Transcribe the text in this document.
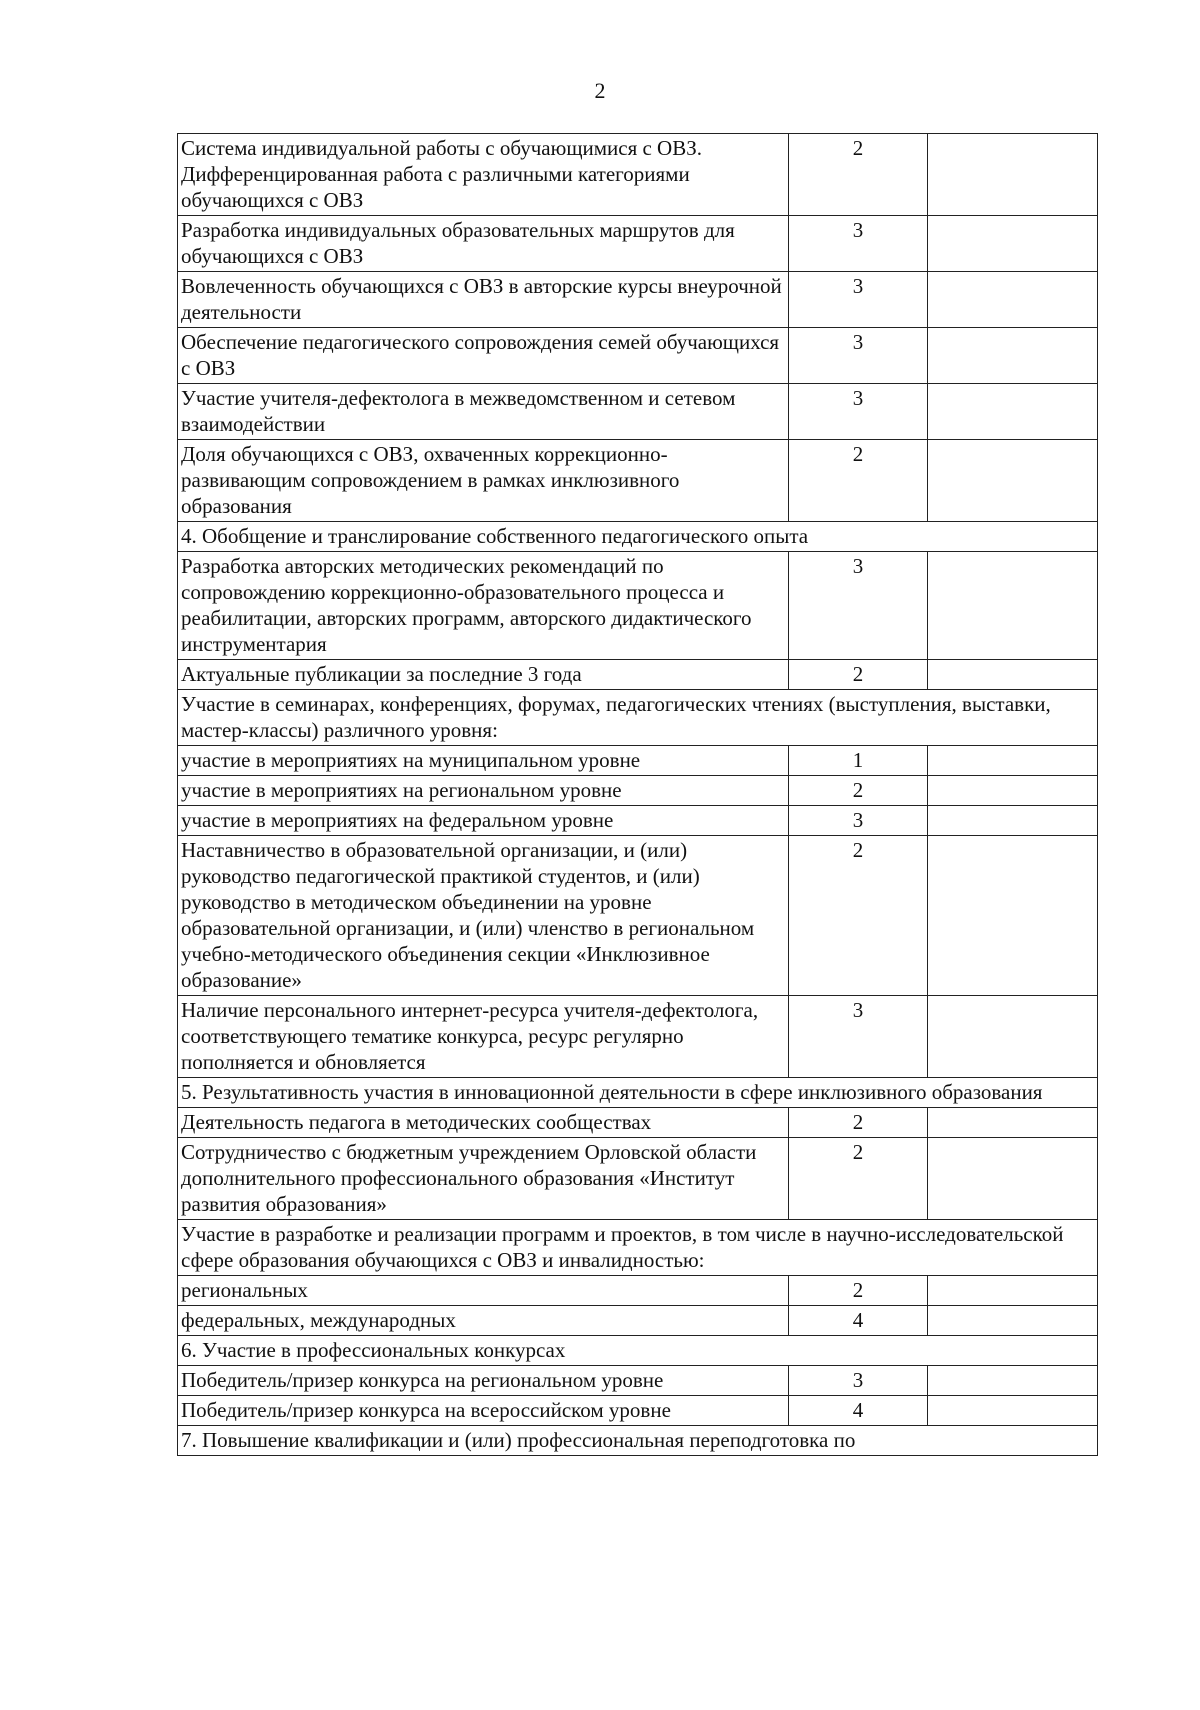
2
Система индивидуальной работы с обучающимися с ОВЗ. Дифференцированная работа с различными категориями обучающихся с ОВЗ	2	
Разработка индивидуальных образовательных маршрутов для обучающихся с ОВЗ	3	
Вовлеченность обучающихся с ОВЗ в авторские курсы внеурочной деятельности	3	
Обеспечение педагогического сопровождения семей обучающихся с ОВЗ	3	
Участие учителя-дефектолога в межведомственном и сетевом взаимодействии	3	
Доля обучающихся с ОВЗ, охваченных коррекционно-развивающим сопровождением в рамках инклюзивного образования	2	
4. Обобщение и транслирование собственного педагогического опыта		
Разработка авторских методических рекомендаций по сопровождению коррекционно-образовательного процесса и реабилитации, авторских программ, авторского дидактического инструментария	3	
Актуальные публикации за последние 3 года	2	
Участие в семинарах, конференциях, форумах, педагогических чтениях (выступления, выставки, мастер-классы) различного уровня:		
участие в мероприятиях на муниципальном уровне	1	
участие в мероприятиях на региональном уровне	2	
участие в мероприятиях на федеральном уровне	3	
Наставничество в образовательной организации, и (или) руководство педагогической практикой студентов, и (или) руководство в методическом объединении на уровне образовательной организации, и (или) членство в региональном учебно-методического объединения секции «Инклюзивное образование»	2	
Наличие персонального интернет-ресурса учителя-дефектолога, соответствующего тематике конкурса, ресурс регулярно пополняется и обновляется	3	
5. Результативность участия в инновационной деятельности в сфере инклюзивного образования		
Деятельность педагога в методических сообществах	2	
Сотрудничество с бюджетным учреждением Орловской области дополнительного профессионального образования «Институт развития образования»	2	
Участие в разработке и реализации программ и проектов, в том числе в научно-исследовательской сфере образования обучающихся с ОВЗ и инвалидностью:		
региональных	2	
федеральных, международных	4	
6. Участие в профессиональных конкурсах		
Победитель/призер конкурса на региональном уровне	3	
Победитель/призер конкурса на всероссийском уровне	4	
7. Повышение квалификации и (или) профессиональная переподготовка по		
